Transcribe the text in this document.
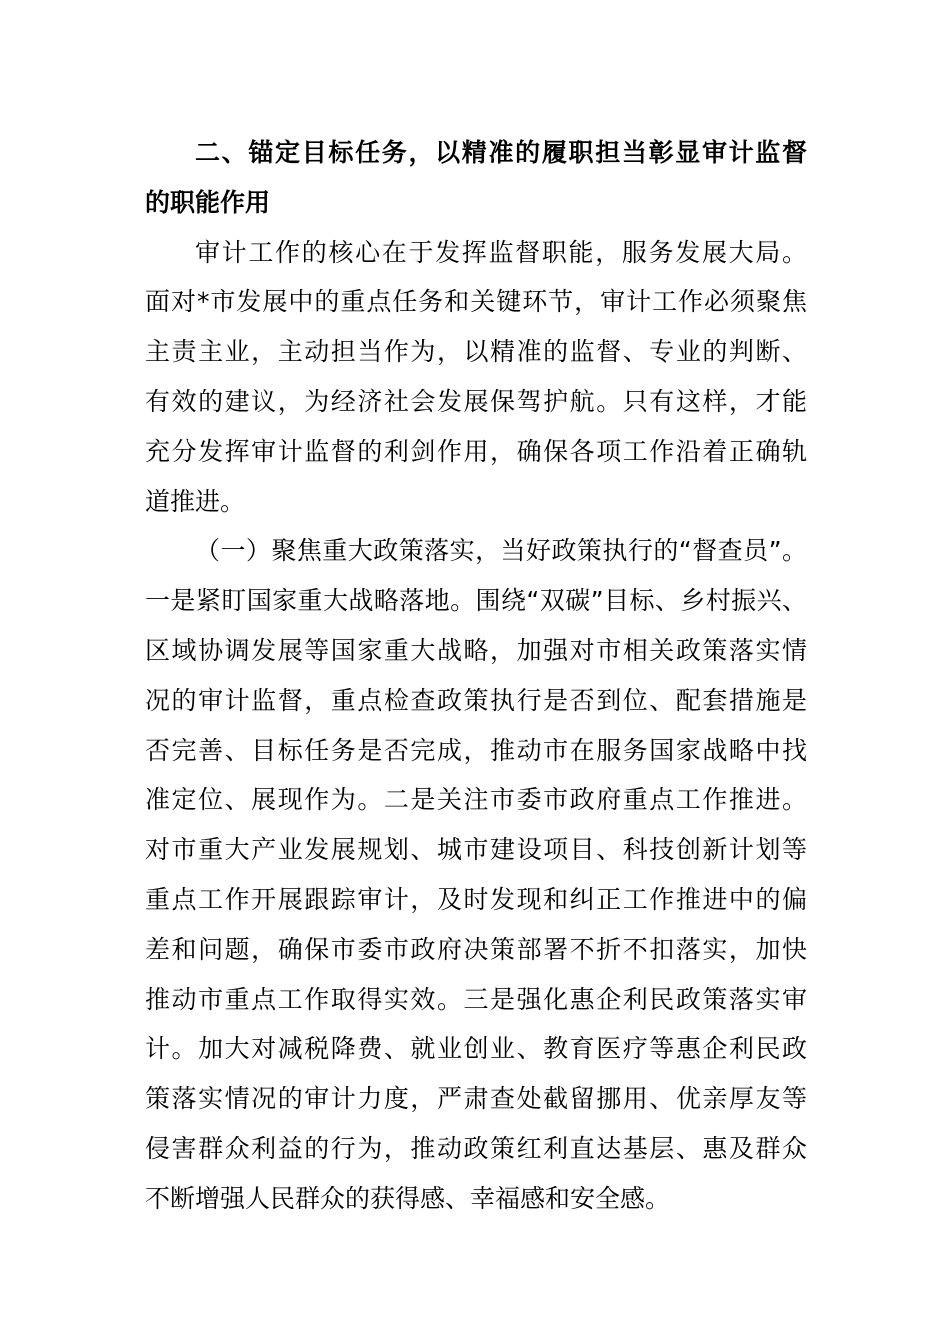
二、锚定目标任务，以精准的履职担当彰显审计监督
的职能作用
审计工作的核心在于发挥监督职能，服务发展大局。
面对*市发展中的重点任务和关键环节，审计工作必须聚焦
主责主业，主动担当作为，以精准的监督、专业的判断、
有效的建议，为经济社会发展保驾护航。只有这样，才能
充分发挥审计监督的利剑作用，确保各项工作沿着正确轨
道推进。
（一）聚焦重大政策落实，当好政策执行的“督查员”。
一是紧盯国家重大战略落地。围绕“双碳”目标、乡村振兴、
区域协调发展等国家重大战略，加强对市相关政策落实情
况的审计监督，重点检查政策执行是否到位、配套措施是
否完善、目标任务是否完成，推动市在服务国家战略中找
准定位、展现作为。二是关注市委市政府重点工作推进。
对市重大产业发展规划、城市建设项目、科技创新计划等
重点工作开展跟踪审计，及时发现和纠正工作推进中的偏
差和问题，确保市委市政府决策部署不折不扣落实，加快
推动市重点工作取得实效。三是强化惠企利民政策落实审
计。加大对减税降费、就业创业、教育医疗等惠企利民政
策落实情况的审计力度，严肃查处截留挪用、优亲厚友等
侵害群众利益的行为，推动政策红利直达基层、惠及群众
不断增强人民群众的获得感、幸福感和安全感。
